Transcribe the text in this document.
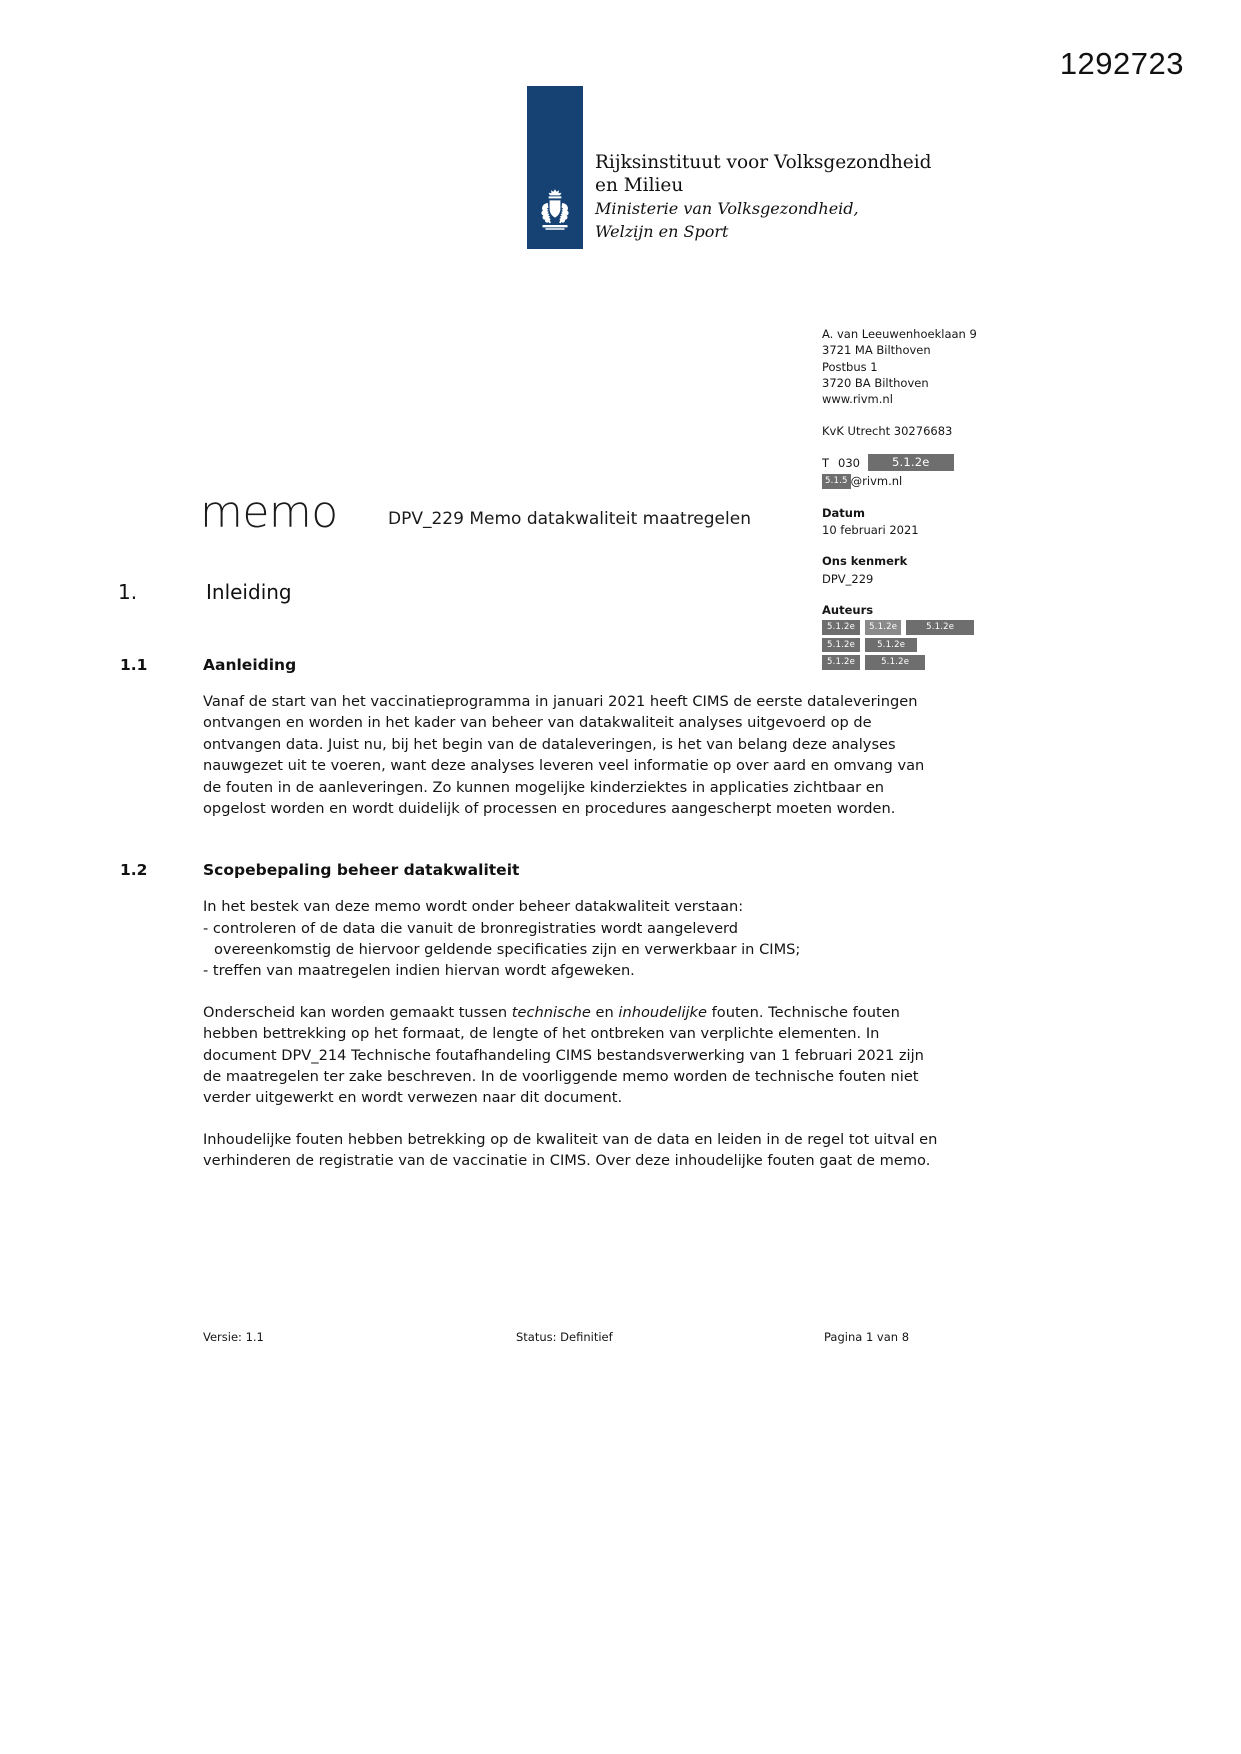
1292723
Rijksinstituut voor Volksgezondheid
en Milieu
Ministerie van Volksgezondheid,
Welzijn en Sport
A. van Leeuwenhoeklaan 9
3721 MA Bilthoven
Postbus 1
3720 BA Bilthoven
www.rivm.nl
KvK Utrecht 30276683
T 030	5.1.2e
5.1.5 @rivm.nl
Datum
10 februari 2021
Ons kenmerk
DPV_229
Auteurs
5.1.2e	5.1.2e	5.1.2e
5.1.2e	5.1.2e
5.1.2e	5.1.2e
memo	DPV_229 Memo datakwaliteit maatregelen
1.	Inleiding
1.1	Aanleiding

Vanaf de start van het vaccinatieprogramma in januari 2021 heeft CIMS de eerste dataleveringen ontvangen en worden in het kader van beheer van datakwaliteit analyses uitgevoerd op de ontvangen data. Juist nu, bij het begin van de dataleveringen, is het van belang deze analyses nauwgezet uit te voeren, want deze analyses leveren veel informatie op over aard en omvang van de fouten in de aanleveringen. Zo kunnen mogelijke kinderziektes in applicaties zichtbaar en opgelost worden en wordt duidelijk of processen en procedures aangescherpt moeten worden.

1.2	Scopebepaling beheer datakwaliteit
In het bestek van deze memo wordt onder beheer datakwaliteit verstaan:
- controleren of de data die vanuit de bronregistraties wordt aangeleverd
overeenkomstig de hiervoor geldende specificaties zijn en verwerkbaar in CIMS;
- treffen van maatregelen indien hiervan wordt afgeweken.

Onderscheid kan worden gemaakt tussen technische en inhoudelijke fouten. Technische fouten hebben bettrekking op het formaat, de lengte of het ontbreken van verplichte elementen. In document DPV_214 Technische foutafhandeling CIMS bestandsverwerking van 1 februari 2021 zijn de maatregelen ter zake beschreven. In de voorliggende memo worden de technische fouten niet verder uitgewerkt en wordt verwezen naar dit document.

Inhoudelijke fouten hebben betrekking op de kwaliteit van de data en leiden in de regel tot uitval en verhinderen de registratie van de vaccinatie in CIMS. Over deze inhoudelijke fouten gaat de memo.

Versie: 1.1	Status: Definitief	Pagina 1 van 8
